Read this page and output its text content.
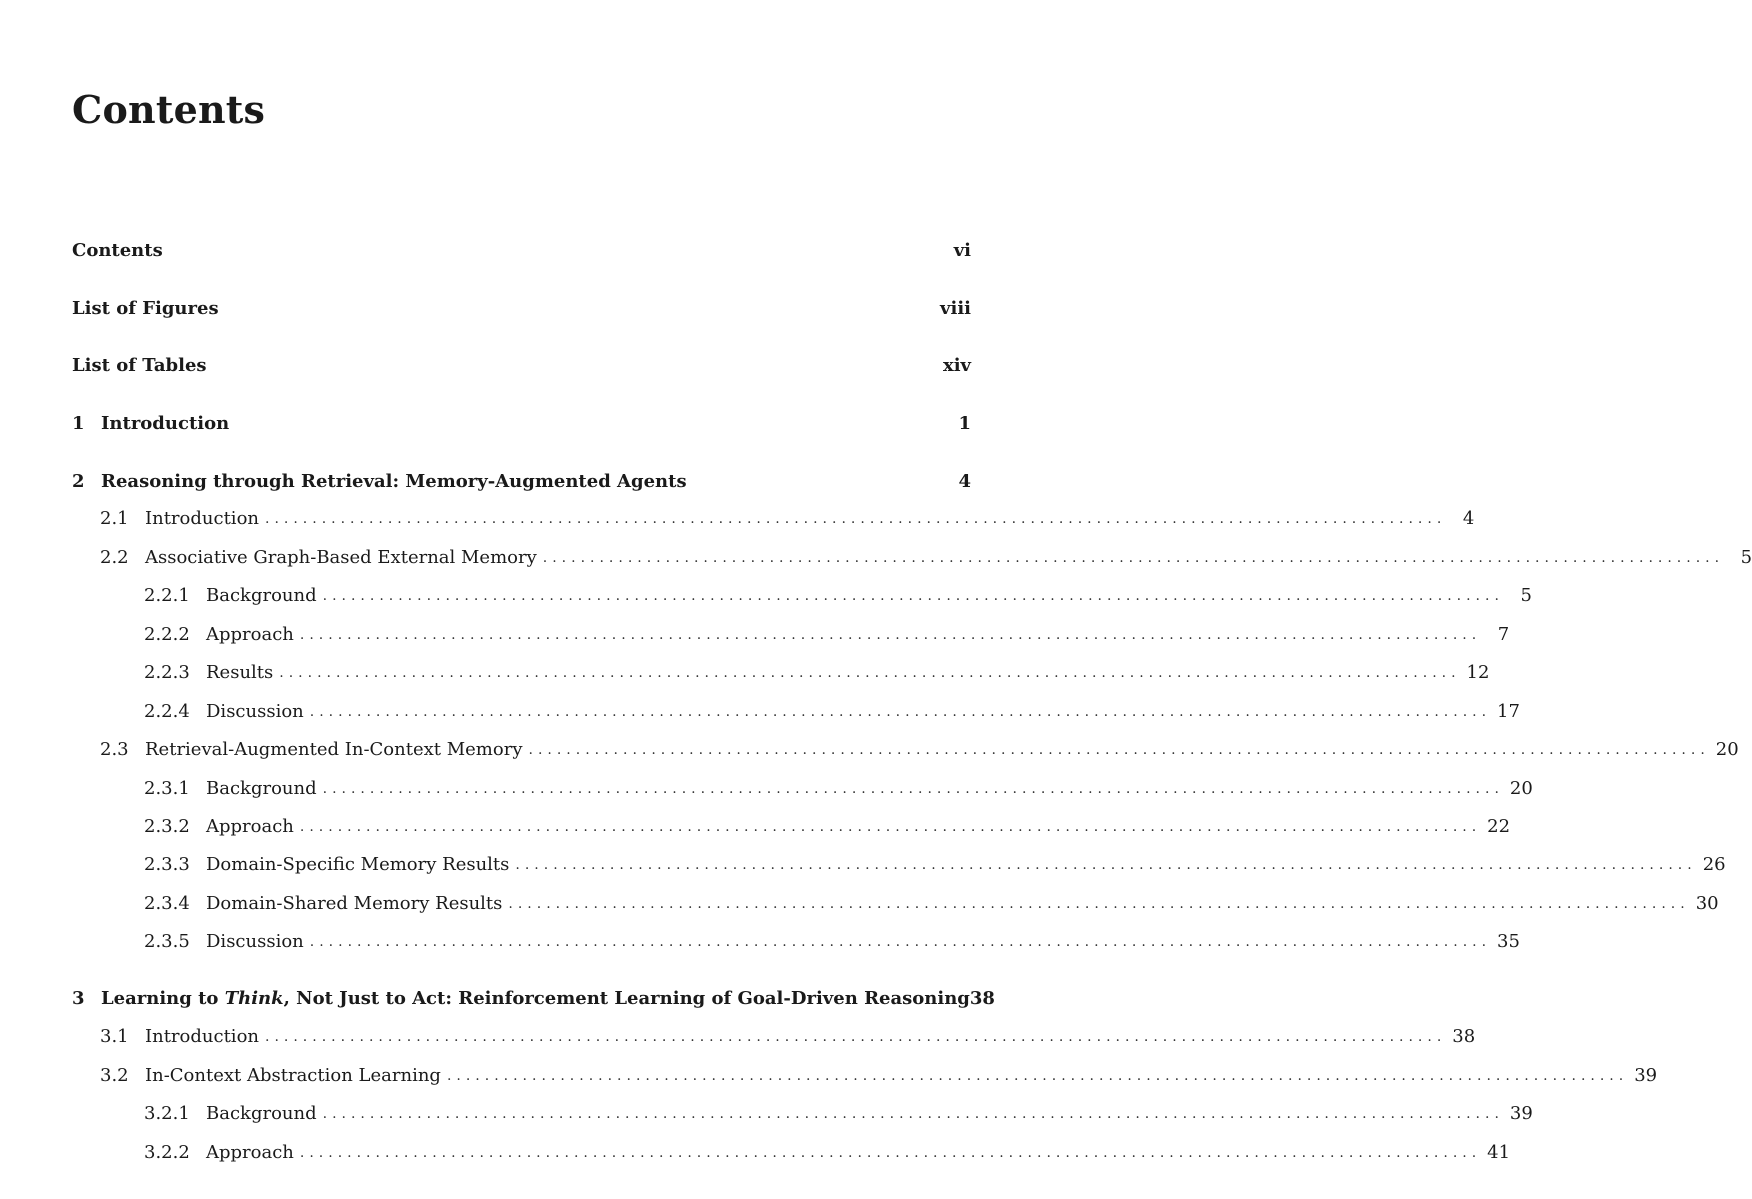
Contents
Contents	vi
List of Figures	viii
List of Tables	xiv
1 Introduction	1
2 Reasoning through Retrieval: Memory-Augmented Agents	4
2.1 Introduction ............................................................................................................................. 4
2.2 Associative Graph-Based External Memory ............................................................................................................................. 5
2.2.1 Background ............................................................................................................................. 5
2.2.2 Approach ............................................................................................................................. 7
2.2.3 Results ............................................................................................................................. 12
2.2.4 Discussion ............................................................................................................................. 17
2.3 Retrieval-Augmented In-Context Memory ............................................................................................................................. 20
2.3.1 Background ............................................................................................................................. 20
2.3.2 Approach ............................................................................................................................. 22
2.3.3 Domain-Specific Memory Results ............................................................................................................................. 26
2.3.4 Domain-Shared Memory Results ............................................................................................................................. 30
2.3.5 Discussion ............................................................................................................................. 35
3 Learning to Think, Not Just to Act: Reinforcement Learning of Goal-Driven Reasoning 38
3.1 Introduction ............................................................................................................................. 38
3.2 In-Context Abstraction Learning ............................................................................................................................. 39
3.2.1 Background ............................................................................................................................. 39
3.2.2 Approach ............................................................................................................................. 41
